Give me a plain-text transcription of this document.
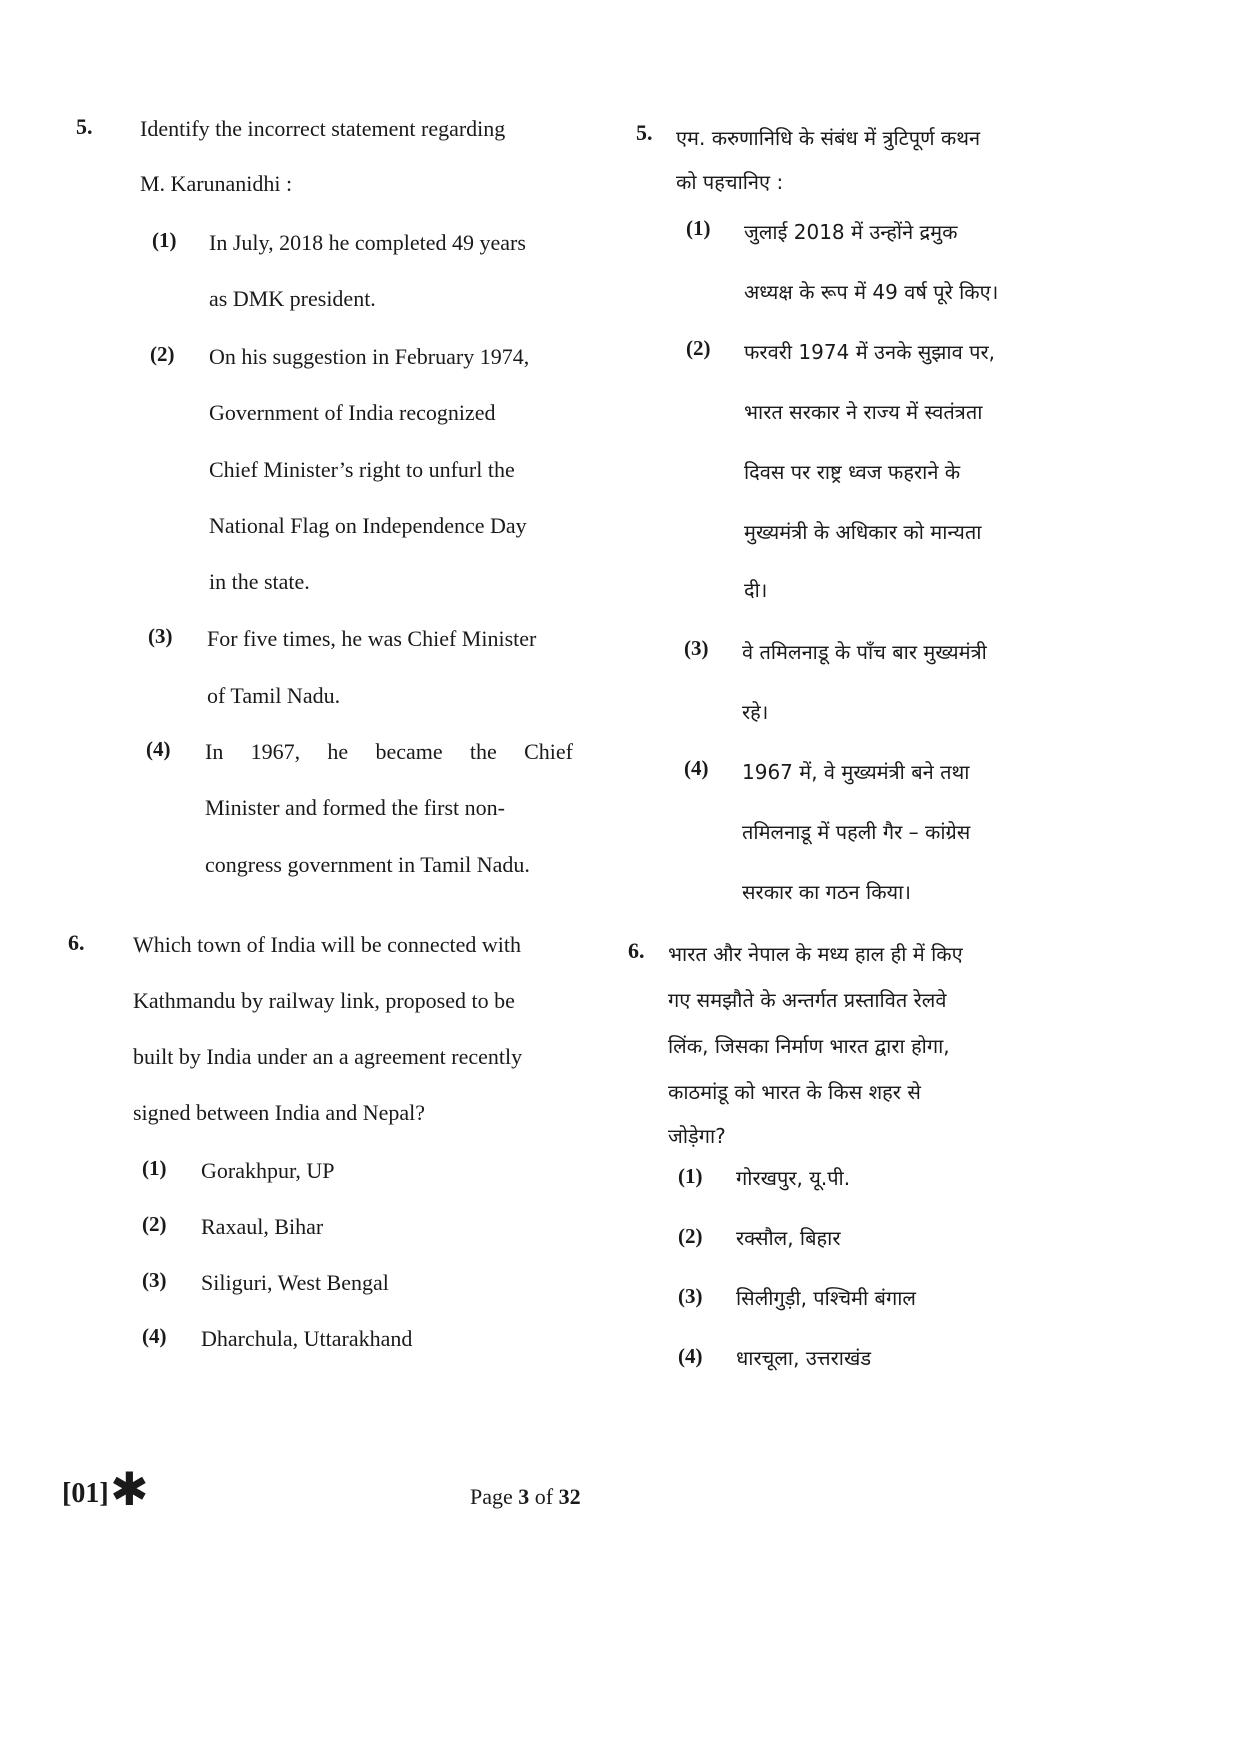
5. Identify the incorrect statement regarding
M. Karunanidhi :
(1) In July, 2018 he completed 49 years
as DMK president.
(2) On his suggestion in February 1974,
Government of India recognized
Chief Minister’s right to unfurl the
National Flag on Independence Day
in the state.
(3) For five times, he was Chief Minister
of Tamil Nadu.
(4) In 1967, he became the Chief
Minister and formed the first non-
congress government in Tamil Nadu.
6. Which town of India will be connected with
Kathmandu by railway link, proposed to be
built by India under an a agreement recently
signed between India and Nepal?
(1) Gorakhpur, UP
(2) Raxaul, Bihar
(3) Siliguri, West Bengal
(4) Dharchula, Uttarakhand
5. एम. करुणानिधि के संबंध में त्रुटिपूर्ण कथन
को पहचानिए :
(1) जुलाई 2018 में उन्होंने द्रमुक
अध्यक्ष के रूप में 49 वर्ष पूरे किए।
(2) फरवरी 1974 में उनके सुझाव पर,
भारत सरकार ने राज्य में स्वतंत्रता
दिवस पर राष्ट्र ध्वज फहराने के
मुख्यमंत्री के अधिकार को मान्यता
दी।
(3) वे तमिलनाडू के पाँच बार मुख्यमंत्री
रहे।
(4) 1967 में, वे मुख्यमंत्री बने तथा
तमिलनाडू में पहली गैर – कांग्रेस
सरकार का गठन किया।
6. भारत और नेपाल के मध्य हाल ही में किए
गए समझौते के अन्तर्गत प्रस्तावित रेलवे
लिंक, जिसका निर्माण भारत द्वारा होगा,
काठमांडू को भारत के किस शहर से
जोड़ेगा?
(1) गोरखपुर, यू.पी.
(2) रक्सौल, बिहार
(3) सिलीगुड़ी, पश्चिमी बंगाल
(4) धारचूला, उत्तराखंड
[01] ✱	Page 3 of 32
